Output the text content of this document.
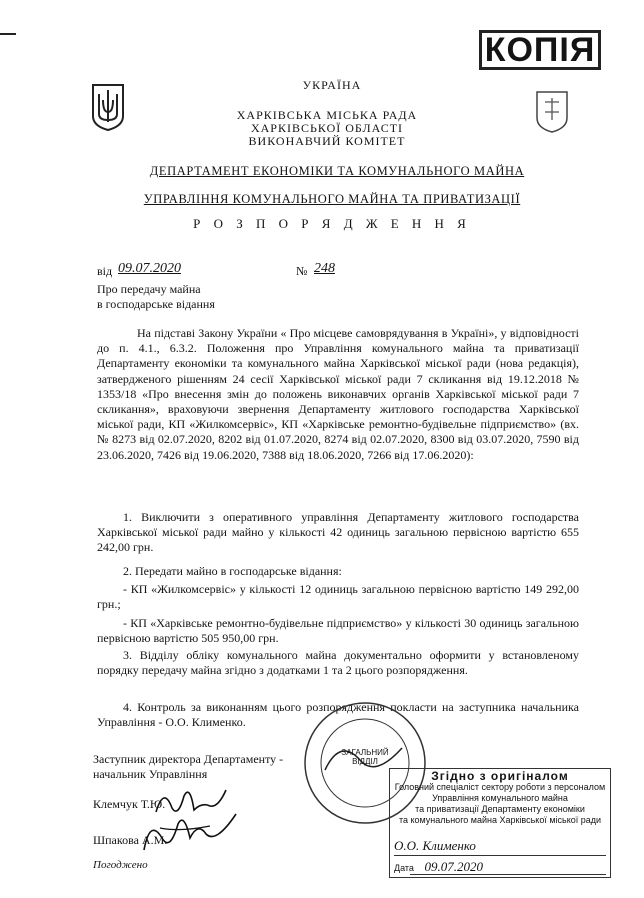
КОПІЯ
УКРАЇНА
ХАРКІВСЬКА МІСЬКА РАДА
ХАРКІВСЬКОЇ ОБЛАСТІ
ВИКОНАВЧИЙ КОМІТЕТ
ДЕПАРТАМЕНТ ЕКОНОМІКИ ТА КОМУНАЛЬНОГО МАЙНА
УПРАВЛІННЯ КОМУНАЛЬНОГО МАЙНА ТА ПРИВАТИЗАЦІЇ
Р О З П О Р Я Д Ж Е Н Н Я
від 09.07.2020	№ 248
Про передачу майна
в господарське відання
На підставі Закону України « Про місцеве самоврядування в Україні», у відповідності до п. 4.1., 6.3.2. Положення про Управління комунального майна та приватизації Департаменту економіки та комунального майна Харківської міської ради (нова редакція), затвердженого рішенням 24 сесії Харківської міської ради 7 скликання від 19.12.2018 № 1353/18 «Про внесення змін до положень виконавчих органів Харківської міської ради 7 скликання», враховуючи звернення Департаменту житлового господарства Харківської міської ради, КП «Жилкомсервіс», КП «Харківське ремонтно-будівельне підприємство» (вх. № 8273 від 02.07.2020, 8202 від 01.07.2020, 8274 від 02.07.2020, 8300 від 03.07.2020, 7590 від 23.06.2020, 7426 від 19.06.2020, 7388 від 18.06.2020, 7266 від 17.06.2020):
1. Виключити з оперативного управління Департаменту житлового господарства Харківської міської ради майно у кількості 42 одиниць загальною первісною вартістю 655 242,00 грн.
2. Передати майно в господарське відання:
- КП «Жилкомсервіс» у кількості 12 одиниць загальною первісною вартістю 149 292,00 грн.;
- КП «Харківське ремонтно-будівельне підприємство» у кількості 30 одиниць загальною первісною вартістю 505 950,00 грн.
3. Відділу обліку комунального майна документально оформити у встановленому порядку передачу майна згідно з додатками 1 та 2 цього розпорядження.
4. Контроль за виконанням цього розпорядження покласти на заступника начальника Управління - О.О. Клименко.
Заступник директора Департаменту -
начальник Управління
Клемчук Т.Ю.
Шпакова А.М.
Погоджено
ЗАГАЛЬНИЙ ВІДДІЛ
Згідно з оригіналом
Головний спеціаліст сектору роботи з персоналом
Управління комунального майна
та приватизації Департаменту економіки
та комунального майна Харківської міської ради
О.О. Клименко
Дата 09.07.2020
